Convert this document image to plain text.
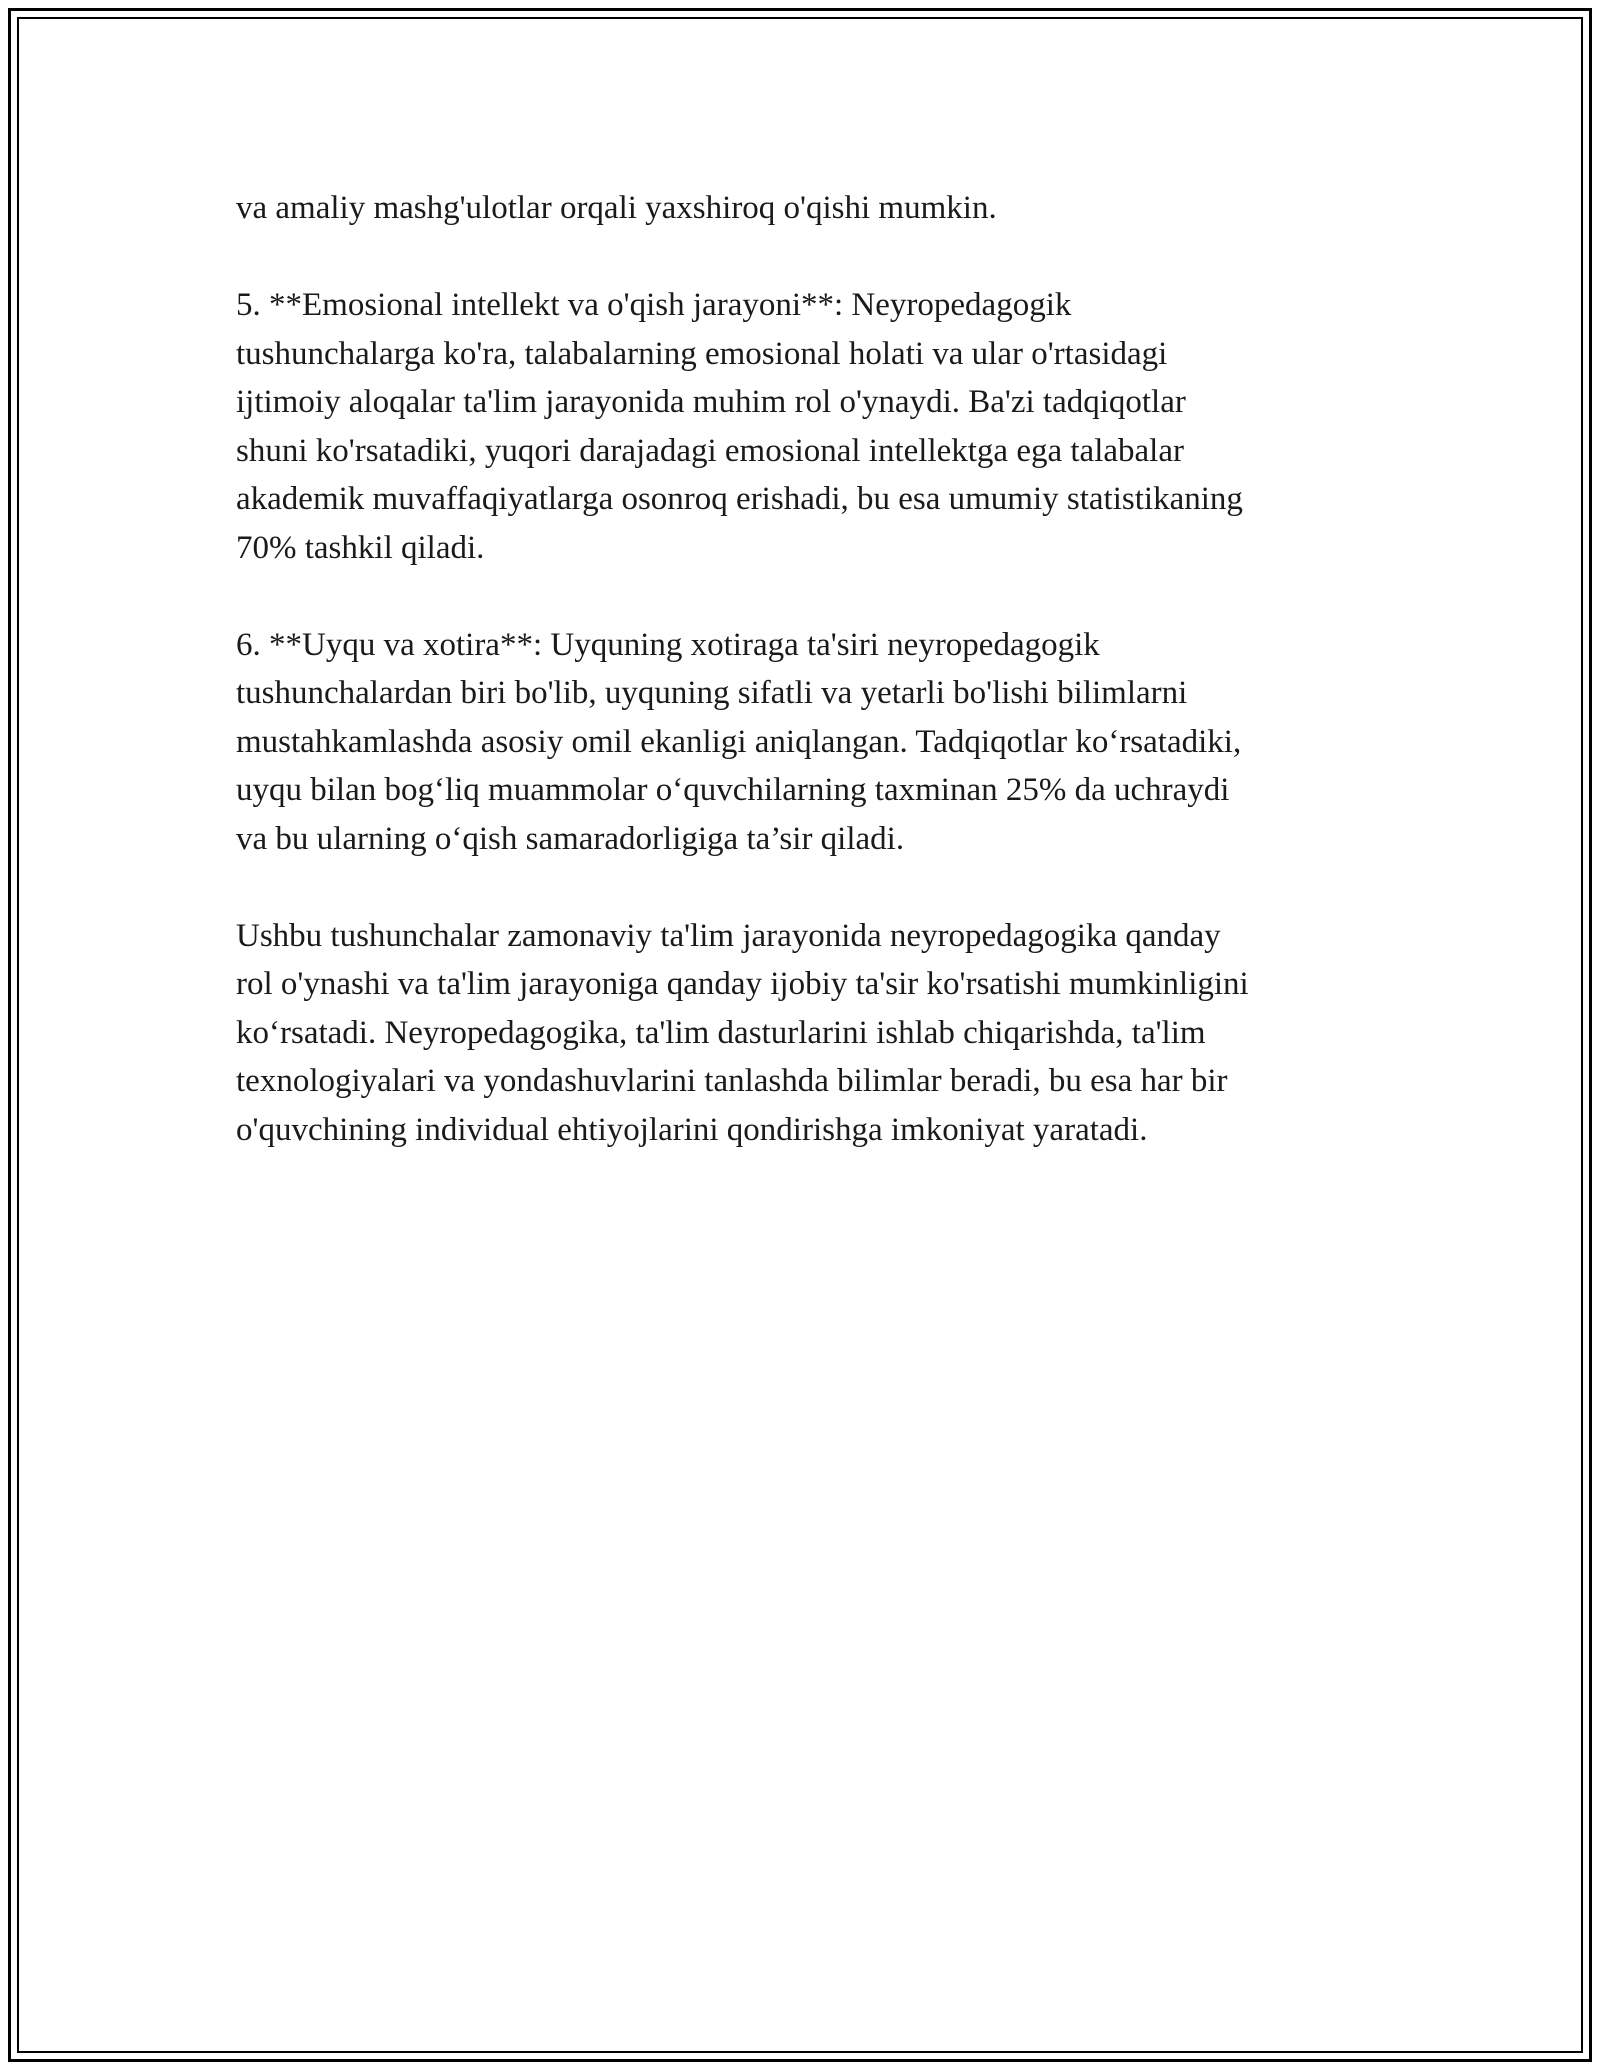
va amaliy mashg'ulotlar orqali yaxshiroq o'qishi mumkin.

5. **Emosional intellekt va o'qish jarayoni**: Neyropedagogik
tushunchalarga ko'ra, talabalarning emosional holati va ular o'rtasidagi
ijtimoiy aloqalar ta'lim jarayonida muhim rol o'ynaydi. Ba'zi tadqiqotlar
shuni ko'rsatadiki, yuqori darajadagi emosional intellektga ega talabalar
akademik muvaffaqiyatlarga osonroq erishadi, bu esa umumiy statistikaning
70% tashkil qiladi.

6. **Uyqu va xotira**: Uyquning xotiraga ta'siri neyropedagogik
tushunchalardan biri bo'lib, uyquning sifatli va yetarli bo'lishi bilimlarni
mustahkamlashda asosiy omil ekanligi aniqlangan. Tadqiqotlar ko‘rsatadiki,
uyqu bilan bog‘liq muammolar o‘quvchilarning taxminan 25% da uchraydi
va bu ularning o‘qish samaradorligiga ta’sir qiladi.

Ushbu tushunchalar zamonaviy ta'lim jarayonida neyropedagogika qanday
rol o'ynashi va ta'lim jarayoniga qanday ijobiy ta'sir ko'rsatishi mumkinligini
ko‘rsatadi. Neyropedagogika, ta'lim dasturlarini ishlab chiqarishda, ta'lim
texnologiyalari va yondashuvlarini tanlashda bilimlar beradi, bu esa har bir
o'quvchining individual ehtiyojlarini qondirishga imkoniyat yaratadi.
